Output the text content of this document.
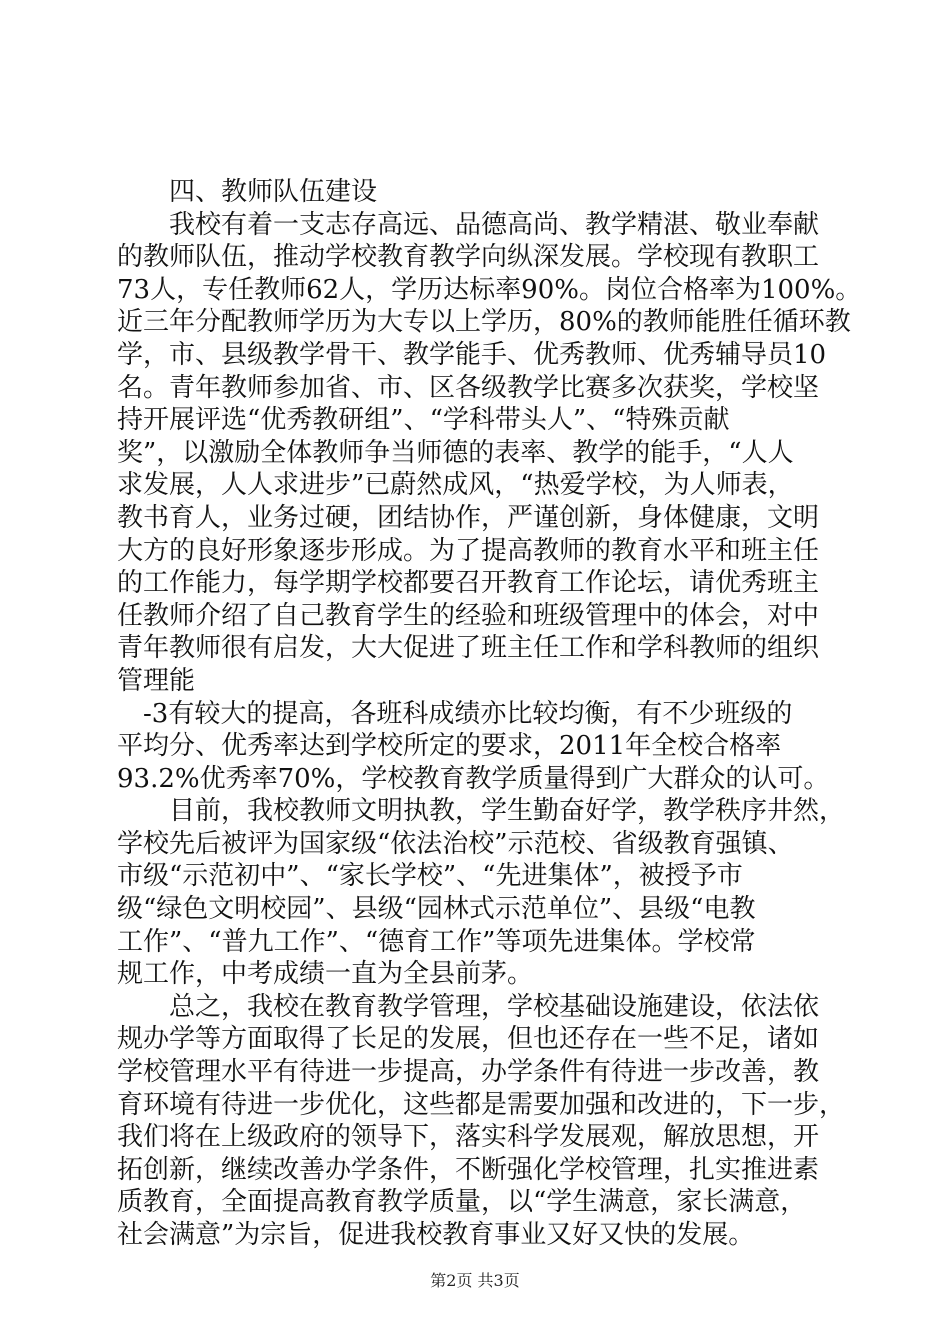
四、教师队伍建设
　　我校有着一支志存高远、品德高尚、教学精湛、敬业奉献
的教师队伍，推动学校教育教学向纵深发展。学校现有教职工
73人，专任教师62人，学历达标率90%。岗位合格率为100%。
近三年分配教师学历为大专以上学历，80%的教师能胜任循环教
学，市、县级教学骨干、教学能手、优秀教师、优秀辅导员10
名。青年教师参加省、市、区各级教学比赛多次获奖，学校坚
持开展评选“优秀教研组”、“学科带头人”、“特殊贡献
奖”，以激励全体教师争当师德的表率、教学的能手，“人人
求发展，人人求进步”已蔚然成风，“热爱学校，为人师表，
教书育人，业务过硬，团结协作，严谨创新，身体健康，文明
大方的良好形象逐步形成。为了提高教师的教育水平和班主任
的工作能力，每学期学校都要召开教育工作论坛，请优秀班主
任教师介绍了自己教育学生的经验和班级管理中的体会，对中
青年教师很有启发，大大促进了班主任工作和学科教师的组织
管理能
　-3有较大的提高，各班科成绩亦比较均衡，有不少班级的
平均分、优秀率达到学校所定的要求，2011年全校合格率
93.2%优秀率70%，学校教育教学质量得到广大群众的认可。
　　目前，我校教师文明执教，学生勤奋好学，教学秩序井然，
学校先后被评为国家级“依法治校”示范校、省级教育强镇、
市级“示范初中”、“家长学校”、“先进集体”，被授予市
级“绿色文明校园”、县级“园林式示范单位”、县级“电教
工作”、“普九工作”、“德育工作”等项先进集体。学校常
规工作，中考成绩一直为全县前茅。
　　总之，我校在教育教学管理，学校基础设施建设，依法依
规办学等方面取得了长足的发展，但也还存在一些不足，诸如
学校管理水平有待进一步提高，办学条件有待进一步改善，教
育环境有待进一步优化，这些都是需要加强和改进的，下一步，
我们将在上级政府的领导下，落实科学发展观，解放思想，开
拓创新，继续改善办学条件，不断强化学校管理，扎实推进素
质教育，全面提高教育教学质量，以“学生满意，家长满意，
社会满意”为宗旨，促进我校教育事业又好又快的发展。
第2页 共3页
